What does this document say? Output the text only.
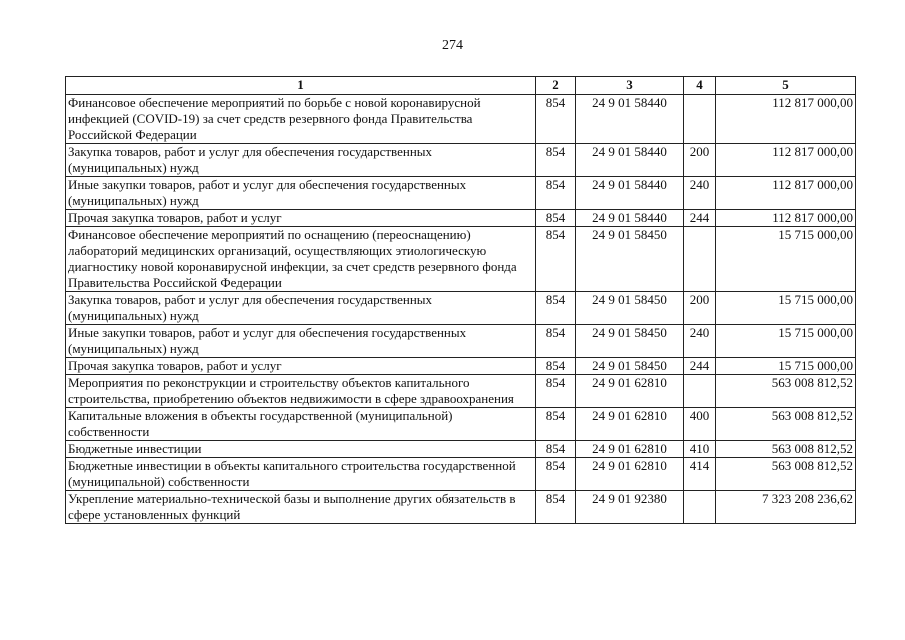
274
1	2	3	4	5
Финансовое обеспечение мероприятий по борьбе с новой коронавирусной инфекцией (COVID-19) за счет средств резервного фонда Правительства Российской Федерации	854	24 9 01 58440		112 817 000,00
Закупка товаров, работ и услуг для обеспечения государственных (муниципальных) нужд	854	24 9 01 58440	200	112 817 000,00
Иные закупки товаров, работ и услуг для обеспечения государственных (муниципальных) нужд	854	24 9 01 58440	240	112 817 000,00
Прочая закупка товаров, работ и услуг	854	24 9 01 58440	244	112 817 000,00
Финансовое обеспечение мероприятий по оснащению (переоснащению) лабораторий медицинских организаций, осуществляющих этиологическую диагностику новой коронавирусной инфекции, за счет средств резервного фонда Правительства Российской Федерации	854	24 9 01 58450		15 715 000,00
Закупка товаров, работ и услуг для обеспечения государственных (муниципальных) нужд	854	24 9 01 58450	200	15 715 000,00
Иные закупки товаров, работ и услуг для обеспечения государственных (муниципальных) нужд	854	24 9 01 58450	240	15 715 000,00
Прочая закупка товаров, работ и услуг	854	24 9 01 58450	244	15 715 000,00
Мероприятия по реконструкции и строительству объектов капитального строительства, приобретению объектов недвижимости в сфере здравоохранения	854	24 9 01 62810		563 008 812,52
Капитальные вложения в объекты государственной (муниципальной) собственности	854	24 9 01 62810	400	563 008 812,52
Бюджетные инвестиции	854	24 9 01 62810	410	563 008 812,52
Бюджетные инвестиции в объекты капитального строительства государственной (муниципальной) собственности	854	24 9 01 62810	414	563 008 812,52
Укрепление материально-технической базы и выполнение других обязательств в сфере установленных функций	854	24 9 01 92380		7 323 208 236,62
